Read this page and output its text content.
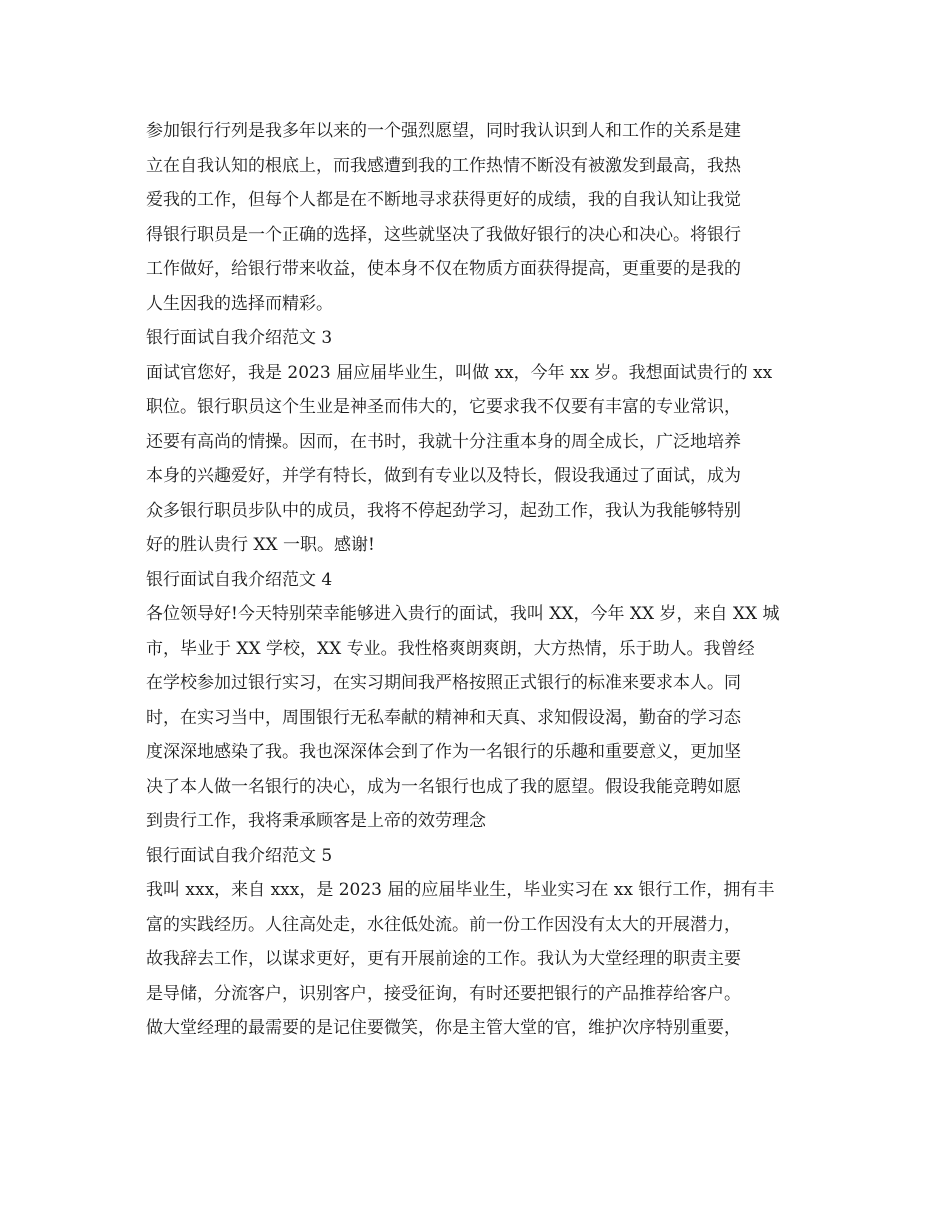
参加银行行列是我多年以来的一个强烈愿望，同时我认识到人和工作的关系是建
立在自我认知的根底上，而我感遭到我的工作热情不断没有被激发到最高，我热
爱我的工作，但每个人都是在不断地寻求获得更好的成绩，我的自我认知让我觉
得银行职员是一个正确的选择，这些就坚决了我做好银行的决心和决心。将银行
工作做好，给银行带来收益，使本身不仅在物质方面获得提高，更重要的是我的
人生因我的选择而精彩。
银行面试自我介绍范文 3
面试官您好，我是 2023 届应届毕业生，叫做 xx，今年 xx 岁。我想面试贵行的 xx
职位。银行职员这个生业是神圣而伟大的，它要求我不仅要有丰富的专业常识，
还要有高尚的情操。因而，在书时，我就十分注重本身的周全成长，广泛地培养
本身的兴趣爱好，并学有特长，做到有专业以及特长，假设我通过了面试，成为
众多银行职员步队中的成员，我将不停起劲学习，起劲工作，我认为我能够特别
好的胜认贵行 XX 一职。感谢!
银行面试自我介绍范文 4
各位领导好!今天特别荣幸能够进入贵行的面试，我叫 XX，今年 XX 岁，来自 XX 城
市，毕业于 XX 学校，XX 专业。我性格爽朗爽朗，大方热情，乐于助人。我曾经
在学校参加过银行实习，在实习期间我严格按照正式银行的标准来要求本人。同
时，在实习当中，周围银行无私奉献的精神和天真、求知假设渴，勤奋的学习态
度深深地感染了我。我也深深体会到了作为一名银行的乐趣和重要意义，更加坚
决了本人做一名银行的决心，成为一名银行也成了我的愿望。假设我能竞聘如愿
到贵行工作，我将秉承顾客是上帝的效劳理念
银行面试自我介绍范文 5
我叫 xxx，来自 xxx，是 2023 届的应届毕业生，毕业实习在 xx 银行工作，拥有丰
富的实践经历。人往高处走，水往低处流。前一份工作因没有太大的开展潜力，
故我辞去工作，以谋求更好，更有开展前途的工作。我认为大堂经理的职责主要
是导储，分流客户，识别客户，接受征询，有时还要把银行的产品推荐给客户。
做大堂经理的最需要的是记住要微笑，你是主管大堂的官，维护次序特别重要，
